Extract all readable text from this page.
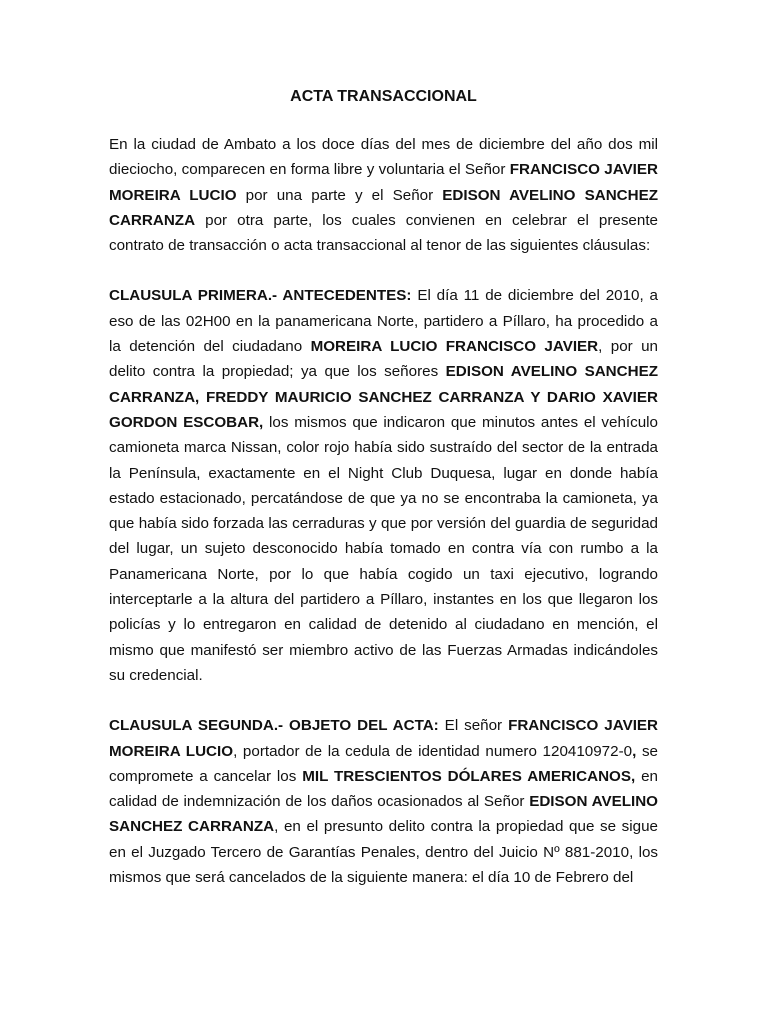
ACTA TRANSACCIONAL

En la ciudad de Ambato a los doce días del mes de diciembre del año dos mil dieciocho, comparecen en forma libre y voluntaria el Señor FRANCISCO JAVIER MOREIRA LUCIO por una parte y el Señor EDISON AVELINO SANCHEZ CARRANZA por otra parte, los cuales convienen en celebrar el presente contrato de transacción o acta transaccional al tenor de las siguientes cláusulas:

CLAUSULA PRIMERA.- ANTECEDENTES: El día 11 de diciembre del 2010, a eso de las 02H00 en la panamericana Norte, partidero a Píllaro, ha procedido a la detención del ciudadano MOREIRA LUCIO FRANCISCO JAVIER, por un delito contra la propiedad; ya que los señores EDISON AVELINO SANCHEZ CARRANZA, FREDDY MAURICIO SANCHEZ CARRANZA Y DARIO XAVIER GORDON ESCOBAR, los mismos que indicaron que minutos antes el vehículo camioneta marca Nissan, color rojo había sido sustraído del sector de la entrada la Península, exactamente en el Night Club Duquesa, lugar en donde había estado estacionado, percatándose de que ya no se encontraba la camioneta, ya que había sido forzada las cerraduras y que por versión del guardia de seguridad del lugar, un sujeto desconocido había tomado en contra vía con rumbo a la Panamericana Norte, por lo que había cogido un taxi ejecutivo, logrando interceptarle a la altura del partidero a Píllaro, instantes en los que llegaron los policías y lo entregaron en calidad de detenido al ciudadano en mención, el mismo que manifestó ser miembro activo de las Fuerzas Armadas indicándoles su credencial.

CLAUSULA SEGUNDA.- OBJETO DEL ACTA: El señor FRANCISCO JAVIER MOREIRA LUCIO, portador de la cedula de identidad numero 120410972-0, se compromete a cancelar los MIL TRESCIENTOS DÓLARES AMERICANOS, en calidad de indemnización de los daños ocasionados al Señor EDISON AVELINO SANCHEZ CARRANZA, en el presunto delito contra la propiedad que se sigue en el Juzgado Tercero de Garantías Penales, dentro del Juicio Nº 881-2010, los mismos que será cancelados de la siguiente manera: el día 10 de Febrero del
